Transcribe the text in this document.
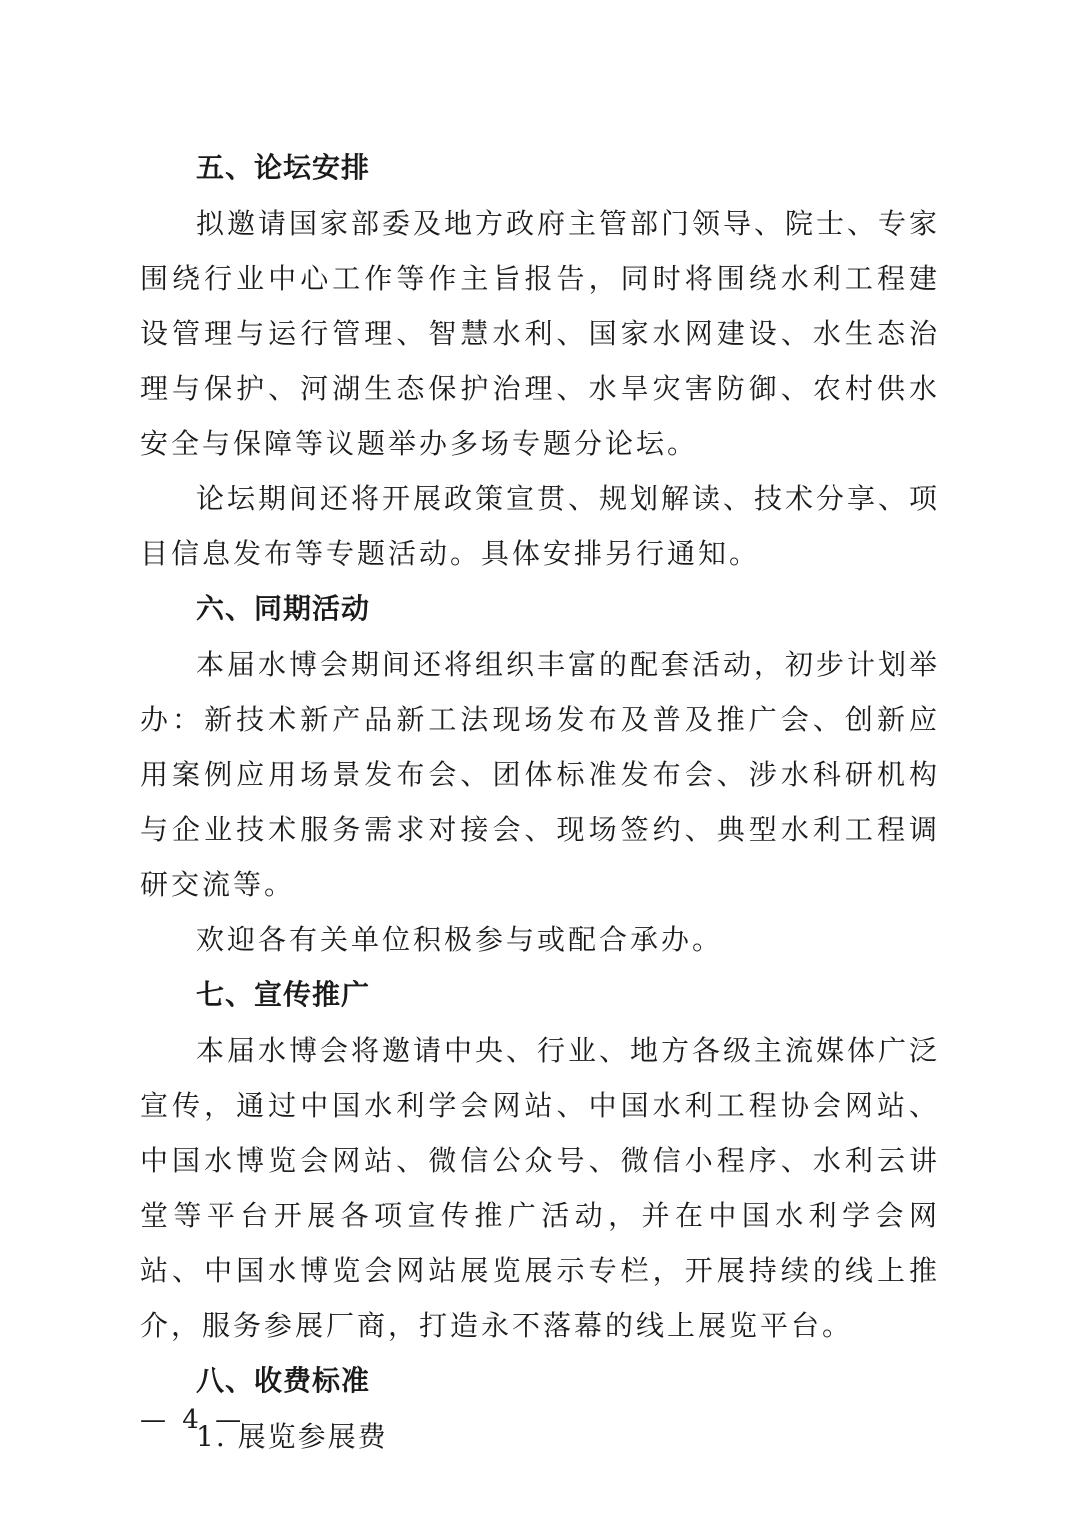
五、论坛安排
拟邀请国家部委及地方政府主管部门领导、院士、专家围绕行业中心工作等作主旨报告，同时将围绕水利工程建设管理与运行管理、智慧水利、国家水网建设、水生态治理与保护、河湖生态保护治理、水旱灾害防御、农村供水安全与保障等议题举办多场专题分论坛。
论坛期间还将开展政策宣贯、规划解读、技术分享、项目信息发布等专题活动。具体安排另行通知。
六、同期活动
本届水博会期间还将组织丰富的配套活动，初步计划举办：新技术新产品新工法现场发布及普及推广会、创新应用案例应用场景发布会、团体标准发布会、涉水科研机构与企业技术服务需求对接会、现场签约、典型水利工程调研交流等。
欢迎各有关单位积极参与或配合承办。
七、宣传推广
本届水博会将邀请中央、行业、地方各级主流媒体广泛宣传，通过中国水利学会网站、中国水利工程协会网站、中国水博览会网站、微信公众号、微信小程序、水利云讲堂等平台开展各项宣传推广活动，并在中国水利学会网站、中国水博览会网站展览展示专栏，开展持续的线上推介，服务参展厂商，打造永不落幕的线上展览平台。
八、收费标准
1. 展览参展费
— 4 —
